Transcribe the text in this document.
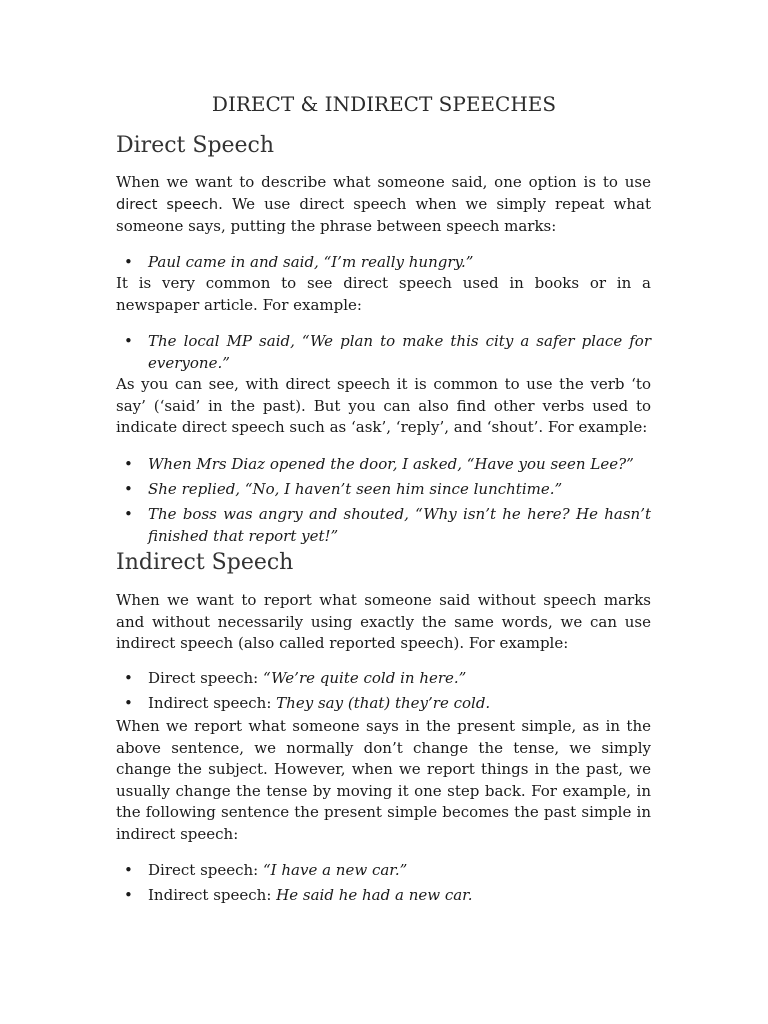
DIRECT & INDIRECT SPEECHES
Direct Speech

When we want to describe what someone said, one option is to use direct speech. We use direct speech when we simply repeat what someone says, putting the phrase between speech marks:

• Paul came in and said, “I’m really hungry.”

It is very common to see direct speech used in books or in a newspaper article. For example:

• The local MP said, “We plan to make this city a safer place for everyone.”

As you can see, with direct speech it is common to use the verb ‘to say’ (‘said’ in the past). But you can also find other verbs used to indicate direct speech such as ‘ask’, ‘reply’, and ‘shout’. For example:

• When Mrs Diaz opened the door, I asked, “Have you seen Lee?”
• She replied, “No, I haven’t seen him since lunchtime.”
• The boss was angry and shouted, “Why isn’t he here? He hasn’t finished that report yet!”
Indirect Speech

When we want to report what someone said without speech marks and without necessarily using exactly the same words, we can use indirect speech (also called reported speech). For example:

• Direct speech: “We’re quite cold in here.”
• Indirect speech: They say (that) they’re cold.

When we report what someone says in the present simple, as in the above sentence, we normally don’t change the tense, we simply change the subject. However, when we report things in the past, we usually change the tense by moving it one step back. For example, in the following sentence the present simple becomes the past simple in indirect speech:

• Direct speech: “I have a new car.”
• Indirect speech: He said he had a new car.
